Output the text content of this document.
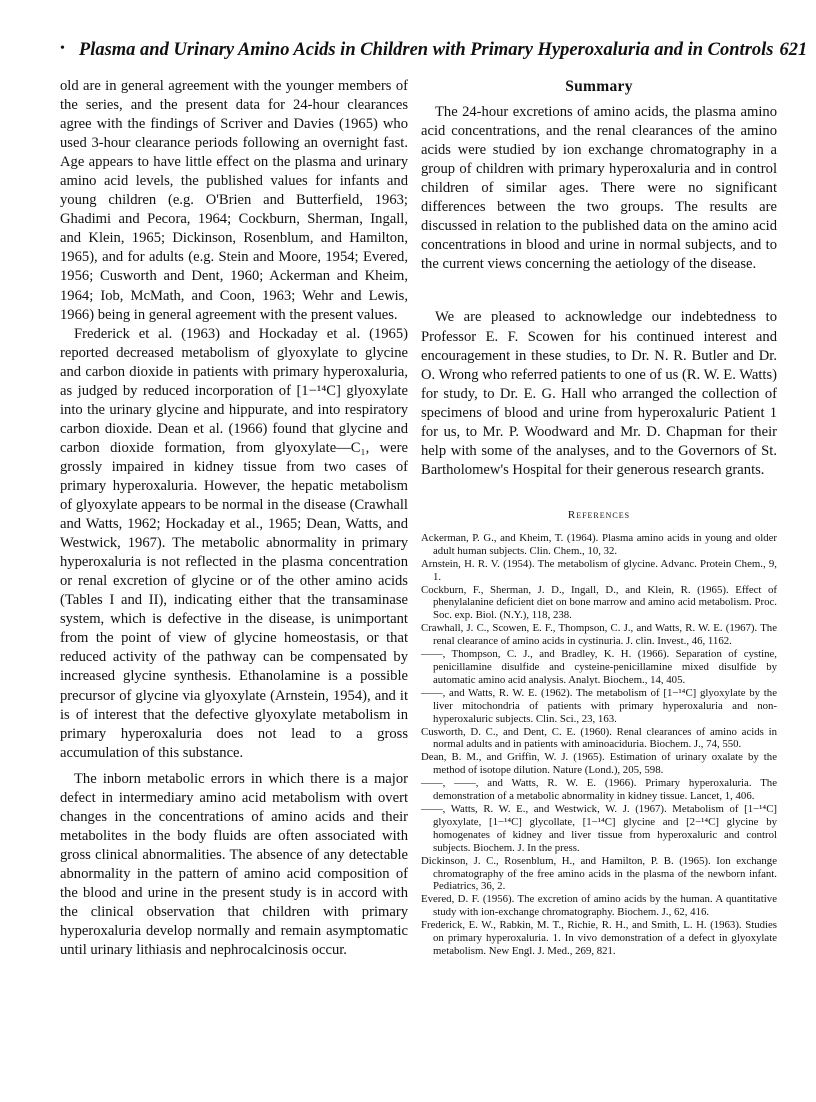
• Plasma and Urinary Amino Acids in Children with Primary Hyperoxaluria and in Controls 621

old are in general agreement with the younger members of the series, and the present data for 24-hour clearances agree with the findings of Scriver and Davies (1965) who used 3-hour clearance periods following an overnight fast. Age appears to have little effect on the plasma and urinary amino acid levels, the published values for infants and young children (e.g. O'Brien and Butterfield, 1963; Ghadimi and Pecora, 1964; Cockburn, Sherman, Ingall, and Klein, 1965; Dickinson, Rosenblum, and Hamilton, 1965), and for adults (e.g. Stein and Moore, 1954; Evered, 1956; Cusworth and Dent, 1960; Ackerman and Kheim, 1964; Iob, McMath, and Coon, 1963; Wehr and Lewis, 1966) being in general agreement with the present values.

Frederick et al. (1963) and Hockaday et al. (1965) reported decreased metabolism of glyoxylate to glycine and carbon dioxide in patients with primary hyperoxaluria, as judged by reduced incorporation of [1−¹⁴C] glyoxylate into the urinary glycine and hippurate, and into respiratory carbon dioxide. Dean et al. (1966) found that glycine and carbon dioxide formation, from glyoxylate—C₁, were grossly impaired in kidney tissue from two cases of primary hyperoxaluria. However, the hepatic metabolism of glyoxylate appears to be normal in the disease (Crawhall and Watts, 1962; Hockaday et al., 1965; Dean, Watts, and Westwick, 1967). The metabolic abnormality in primary hyperoxaluria is not reflected in the plasma concentration or renal excretion of glycine or of the other amino acids (Tables I and II), indicating either that the transaminase system, which is defective in the disease, is unimportant from the point of view of glycine homeostasis, or that reduced activity of the pathway can be compensated by increased glycine synthesis. Ethanolamine is a possible precursor of glycine via glyoxylate (Arnstein, 1954), and it is of interest that the defective glyoxylate metabolism in primary hyperoxaluria does not lead to a gross accumulation of this substance.

The inborn metabolic errors in which there is a major defect in intermediary amino acid metabolism with overt changes in the concentrations of amino acids and their metabolites in the body fluids are often associated with gross clinical abnormalities. The absence of any detectable abnormality in the pattern of amino acid composition of the blood and urine in the present study is in accord with the clinical observation that children with primary hyperoxaluria develop normally and remain asymptomatic until urinary lithiasis and nephrocalcinosis occur.

Summary

The 24-hour excretions of amino acids, the plasma amino acid concentrations, and the renal clearances of the amino acids were studied by ion exchange chromatography in a group of children with primary hyperoxaluria and in control children of similar ages. There were no significant differences between the two groups. The results are discussed in relation to the published data on the amino acid concentrations in blood and urine in normal subjects, and to the current views concerning the aetiology of the disease.

We are pleased to acknowledge our indebtedness to Professor E. F. Scowen for his continued interest and encouragement in these studies, to Dr. N. R. Butler and Dr. O. Wrong who referred patients to one of us (R. W. E. Watts) for study, to Dr. E. G. Hall who arranged the collection of specimens of blood and urine from hyperoxaluric Patient 1 for us, to Mr. P. Woodward and Mr. D. Chapman for their help with some of the analyses, and to the Governors of St. Bartholomew's Hospital for their generous research grants.

References

Ackerman, P. G., and Kheim, T. (1964). Plasma amino acids in young and older adult human subjects. Clin. Chem., 10, 32.

Arnstein, H. R. V. (1954). The metabolism of glycine. Advanc. Protein Chem., 9, 1.

Cockburn, F., Sherman, J. D., Ingall, D., and Klein, R. (1965). Effect of phenylalanine deficient diet on bone marrow and amino acid metabolism. Proc. Soc. exp. Biol. (N.Y.), 118, 238.

Crawhall, J. C., Scowen, E. F., Thompson, C. J., and Watts, R. W. E. (1967). The renal clearance of amino acids in cystinuria. J. clin. Invest., 46, 1162.

——, Thompson, C. J., and Bradley, K. H. (1966). Separation of cystine, penicillamine disulfide and cysteine-penicillamine mixed disulfide by automatic amino acid analysis. Analyt. Biochem., 14, 405.

——, and Watts, R. W. E. (1962). The metabolism of [1−¹⁴C] glyoxylate by the liver mitochondria of patients with primary hyperoxaluria and non-hyperoxaluric subjects. Clin. Sci., 23, 163.

Cusworth, D. C., and Dent, C. E. (1960). Renal clearances of amino acids in normal adults and in patients with aminoaciduria. Biochem. J., 74, 550.

Dean, B. M., and Griffin, W. J. (1965). Estimation of urinary oxalate by the method of isotope dilution. Nature (Lond.), 205, 598.

——, ——, and Watts, R. W. E. (1966). Primary hyperoxaluria. The demonstration of a metabolic abnormality in kidney tissue. Lancet, 1, 406.

——, Watts, R. W. E., and Westwick, W. J. (1967). Metabolism of [1−¹⁴C] glyoxylate, [1−¹⁴C] glycollate, [1−¹⁴C] glycine and [2−¹⁴C] glycine by homogenates of kidney and liver tissue from hyperoxaluric and control subjects. Biochem. J. In the press.

Dickinson, J. C., Rosenblum, H., and Hamilton, P. B. (1965). Ion exchange chromatography of the free amino acids in the plasma of the newborn infant. Pediatrics, 36, 2.

Evered, D. F. (1956). The excretion of amino acids by the human. A quantitative study with ion-exchange chromatography. Biochem. J., 62, 416.

Frederick, E. W., Rabkin, M. T., Richie, R. H., and Smith, L. H. (1963). Studies on primary hyperoxaluria. 1. In vivo demonstration of a defect in glyoxylate metabolism. New Engl. J. Med., 269, 821.
